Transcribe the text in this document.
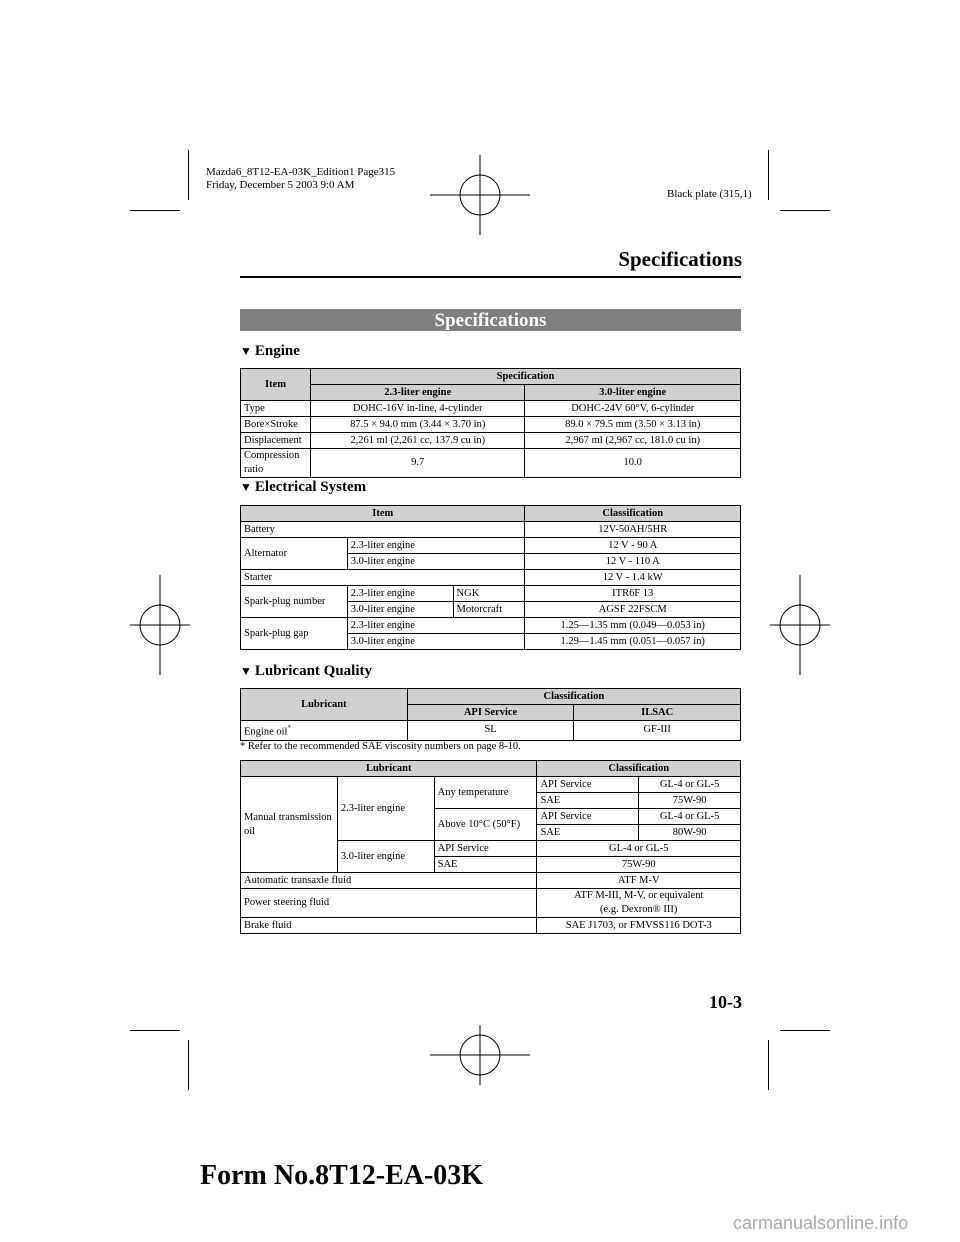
Mazda6_8T12-EA-03K_Edition1 Page315
Friday, December 5 2003 9:0 AM
Black plate (315,1)
Specifications
Specifications
▼ Engine
Item	Specification	
	2.3-liter engine	3.0-liter engine
Type	DOHC-16V in-line, 4-cylinder	DOHC-24V 60°V, 6-cylinder
Bore×Stroke	87.5 × 94.0 mm (3.44 × 3.70 in)	89.0 × 79.5 mm (3.50 × 3.13 in)
Displacement	2,261 ml (2,261 cc, 137.9 cu in)	2,967 ml (2,967 cc, 181.0 cu in)
Compression ratio	9.7	10.0
▼ Electrical System
Item			Classification
Battery			12V-50AH/5HR
Alternator	2.3-liter engine		12 V - 90 A
	3.0-liter engine		12 V - 110 A
Starter			12 V - 1.4 kW
Spark-plug number	2.3-liter engine	NGK	ITR6F 13
	3.0-liter engine	Motorcraft	AGSF 22FSCM
Spark-plug gap	2.3-liter engine		1.25—1.35 mm (0.049—0.053 in)
	3.0-liter engine		1.29—1.45 mm (0.051—0.057 in)
▼ Lubricant Quality
Lubricant	Classification	
	API Service	ILSAC
Engine oil*	SL	GF-III
* Refer to the recommended SAE viscosity numbers on page 8-10.
Lubricant			Classification	
Manual transmission oil	2.3-liter engine	Any temperature	API Service	GL-4 or GL-5
			SAE	75W-90
		Above 10°C (50°F)	API Service	GL-4 or GL-5
			SAE	80W-90
	3.0-liter engine	API Service	GL-4 or GL-5	
		SAE	75W-90	
Automatic transaxle fluid			ATF M-V	
Power steering fluid			ATF M-III, M-V, or equivalent
(e.g. Dexron® III)	

Brake fluid			SAE J1703, or FMVSS116 DOT-3	
10-3
Form No.8T12-EA-03K
carmanualsonline.info
